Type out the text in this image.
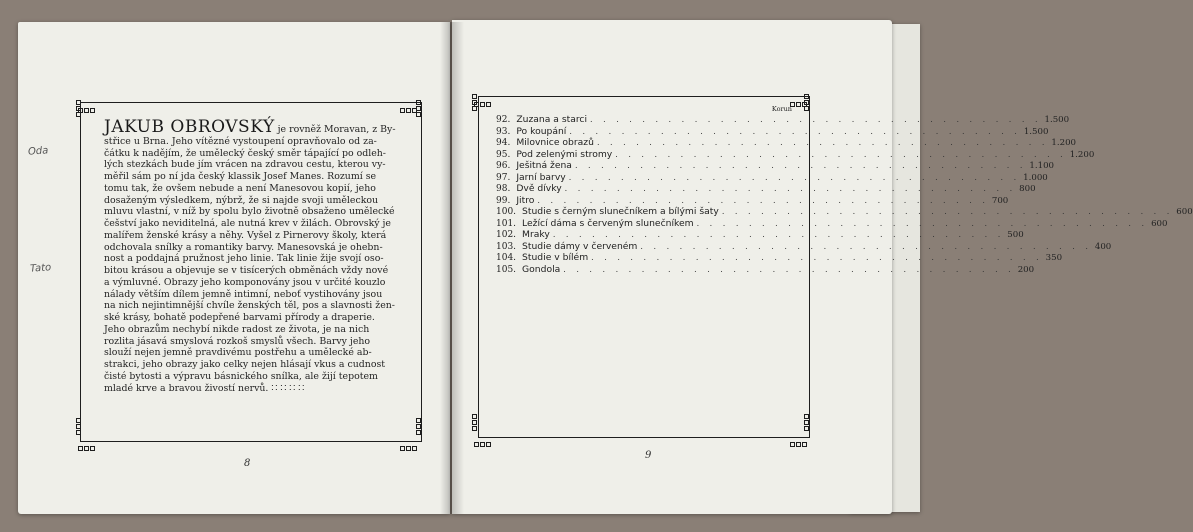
Oda
Tato
JAKUB OBROVSKÝ je rovněž Moravan, z By-
střice u Brna. Jeho vítězné vystoupení opravňovalo od za-
čátku k nadějím, že umělecký český směr tápající po odleh-
lých stezkách bude jím vrácen na zdravou cestu, kterou vy-
měřil sám po ní jda český klassik Josef Manes. Rozumí se
tomu tak, že ovšem nebude a není Manesovou kopií, jeho
dosaženým výsledkem, nýbrž, že si najde svoji uměleckou
mluvu vlastní, v níž by spolu bylo životně obsaženo umělecké
češství jako neviditelná, ale nutná krev v žilách. Obrovský je
malířem ženské krásy a něhy. Vyšel z Pirnerovy školy, která
odchovala snílky a romantiky barvy. Manesovská je ohebn-
nost a poddajná pružnost jeho linie. Tak linie žije svojí oso-
bitou krásou a objevuje se v tisícerých obměnách vždy nové
a výmluvné. Obrazy jeho komponovány jsou v určité kouzlo
nálady větším dílem jemně intimní, neboť vystihovány jsou
na nich nejintimnější chvíle ženských těl, pos a slavnosti žen-
ské krásy, bohatě podepřené barvami přírody a draperie.
Jeho obrazům nechybí nikde radost ze života, je na nich
rozlita jásavá smyslová rozkoš smyslů všech. Barvy jeho
slouží nejen jemně pravdivému postřehu a umělecké ab-
strakci, jeho obrazy jako celky nejen hlásají vkus a cudnost
čisté bytosti a výpravu básnického snílka, ale žijí tepotem
mladé krve a bravou živostí nervů. ∷ ∷ ∷ ∷
8
Korun
92. Zuzana a starci . . . . . . . . . . . . . . . . . . . . . . . . . . . . . . . . . . . 1.500
93. Po koupání . . . . . . . . . . . . . . . . . . . . . . . . . . . . . . . . . . . 1.500
94. Milovnice obrazů . . . . . . . . . . . . . . . . . . . . . . . . . . . . . . . . . . . 1.200
95. Pod zelenými stromy . . . . . . . . . . . . . . . . . . . . . . . . . . . . . . . . . . . 1.200
96. Ješitná žena . . . . . . . . . . . . . . . . . . . . . . . . . . . . . . . . . . . 1.100
97. Jarní barvy . . . . . . . . . . . . . . . . . . . . . . . . . . . . . . . . . . . 1.000
98. Dvě dívky . . . . . . . . . . . . . . . . . . . . . . . . . . . . . . . . . . . 800
99. Jitro . . . . . . . . . . . . . . . . . . . . . . . . . . . . . . . . . . . 700
100. Studie s černým slunečníkem a bílými šaty . . . . . . . . . . . . . . . . . . . . . . . . . . . . . . . . . . . 600
101. Ležící dáma s červeným slunečníkem . . . . . . . . . . . . . . . . . . . . . . . . . . . . . . . . . . . 600
102. Mraky . . . . . . . . . . . . . . . . . . . . . . . . . . . . . . . . . . . 500
103. Studie dámy v červeném . . . . . . . . . . . . . . . . . . . . . . . . . . . . . . . . . . . 400
104. Studie v bílém . . . . . . . . . . . . . . . . . . . . . . . . . . . . . . . . . . . 350
105. Gondola . . . . . . . . . . . . . . . . . . . . . . . . . . . . . . . . . . . 200
9
